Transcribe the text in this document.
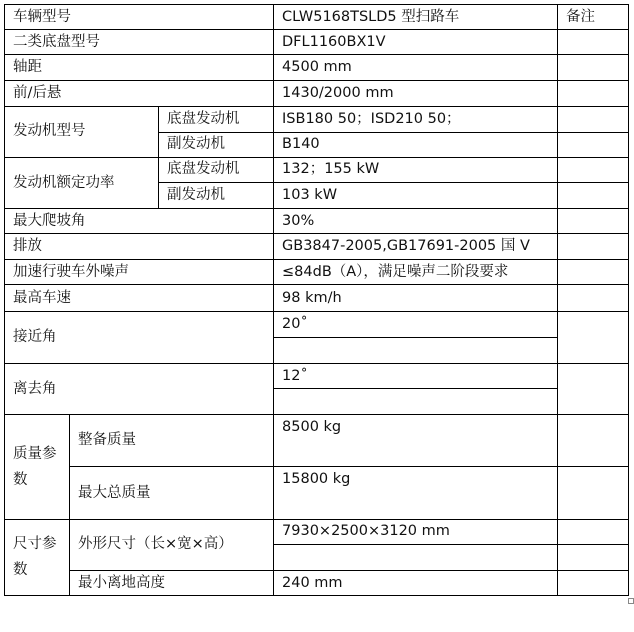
车辆型号			CLW5168TSLD5 型扫路车	备注
二类底盘型号			DFL1160BX1V	
轴距			4500 mm	
前/后悬			1430/2000 mm	
发动机型号		底盘发动机	ISB180 50；ISD210 50；	
		副发动机	B140	
发动机额定功率		底盘发动机	132；155 kW	
		副发动机	103 kW	
最大爬坡角			30%	
排放			GB3847-2005,GB17691-2005 国 V	
加速行驶车外噪声			≤84dB（A），满足噪声二阶段要求	
最高车速			98 km/h	
接近角			20˚	

离去角			12˚	

质量参数	整备质量		8500 kg	
	最大总质量		15800 kg	
尺寸参数	外形尺寸（长×宽×高）		7930×2500×3120 mm	

	最小离地高度		240 mm	
